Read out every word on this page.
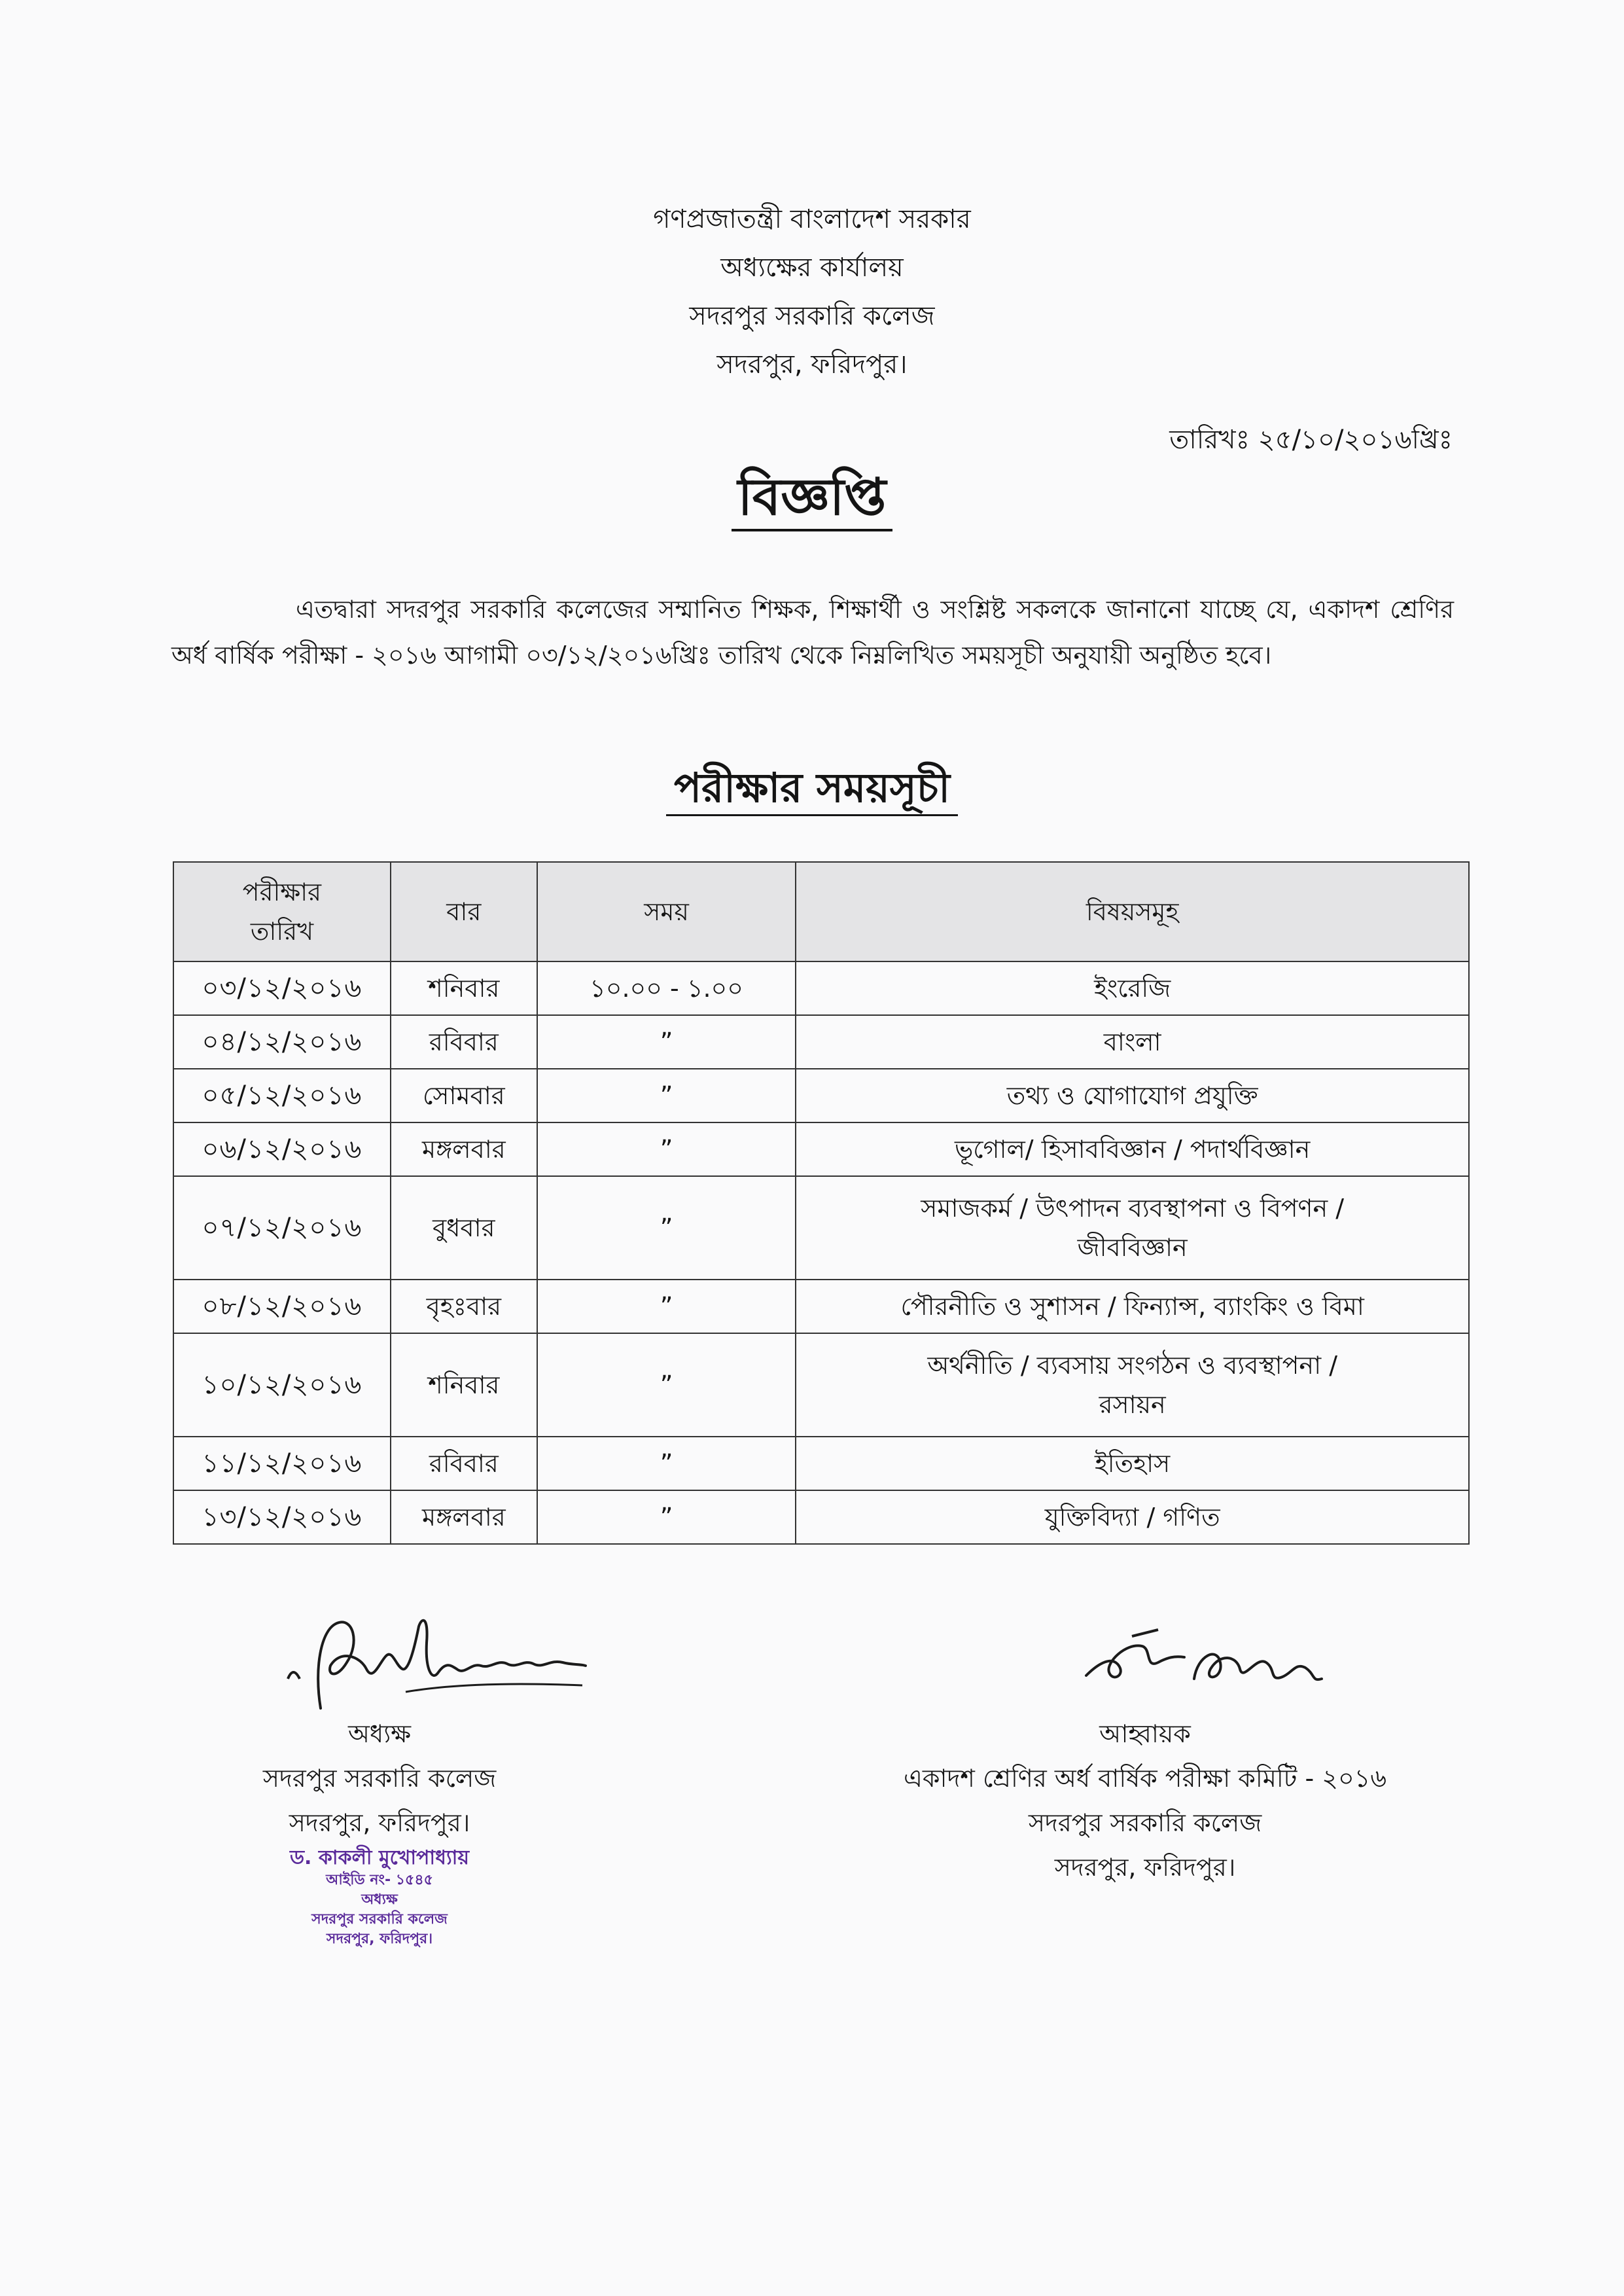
গণপ্রজাতন্ত্রী বাংলাদেশ সরকার
অধ্যক্ষের কার্যালয়
সদরপুর সরকারি কলেজ
সদরপুর, ফরিদপুর।
তারিখঃ ২৫/১০/২০১৬খ্রিঃ
বিজ্ঞপ্তি
এতদ্বারা সদরপুর সরকারি কলেজের সম্মানিত শিক্ষক, শিক্ষার্থী ও সংশ্লিষ্ট সকলকে জানানো যাচ্ছে যে, একাদশ শ্রেণির অর্ধ বার্ষিক পরীক্ষা - ২০১৬ আগামী ০৩/১২/২০১৬খ্রিঃ তারিখ থেকে নিম্নলিখিত সময়সূচী অনুযায়ী অনুষ্ঠিত হবে।
পরীক্ষার সময়সূচী
পরীক্ষার
তারিখ	বার	সময়	বিষয়সমূহ
০৩/১২/২০১৬	শনিবার	১০.০০ - ১.০০	ইংরেজি
০৪/১২/২০১৬	রবিবার	”	বাংলা
০৫/১২/২০১৬	সোমবার	”	তথ্য ও যোগাযোগ প্রযুক্তি
০৬/১২/২০১৬	মঙ্গলবার	”	ভূগোল/ হিসাববিজ্ঞান / পদার্থবিজ্ঞান
০৭/১২/২০১৬	বুধবার	”	সমাজকর্ম / উৎপাদন ব্যবস্থাপনা ও বিপণন /
জীববিজ্ঞান
০৮/১২/২০১৬	বৃহঃবার	”	পৌরনীতি ও সুশাসন / ফিন্যান্স, ব্যাংকিং ও বিমা
১০/১২/২০১৬	শনিবার	”	অর্থনীতি / ব্যবসায় সংগঠন ও ব্যবস্থাপনা /
রসায়ন
১১/১২/২০১৬	রবিবার	”	ইতিহাস
১৩/১২/২০১৬	মঙ্গলবার	”	যুক্তিবিদ্যা / গণিত
অধ্যক্ষ
সদরপুর সরকারি কলেজ
সদরপুর, ফরিদপুর।
ড. কাকলী মুখোপাধ্যায়
আইডি নং- ১৫৪৫
অধ্যক্ষ
সদরপুর সরকারি কলেজ
সদরপুর, ফরিদপুর।
আহ্বায়ক
একাদশ শ্রেণির অর্ধ বার্ষিক পরীক্ষা কমিটি - ২০১৬
সদরপুর সরকারি কলেজ
সদরপুর, ফরিদপুর।
